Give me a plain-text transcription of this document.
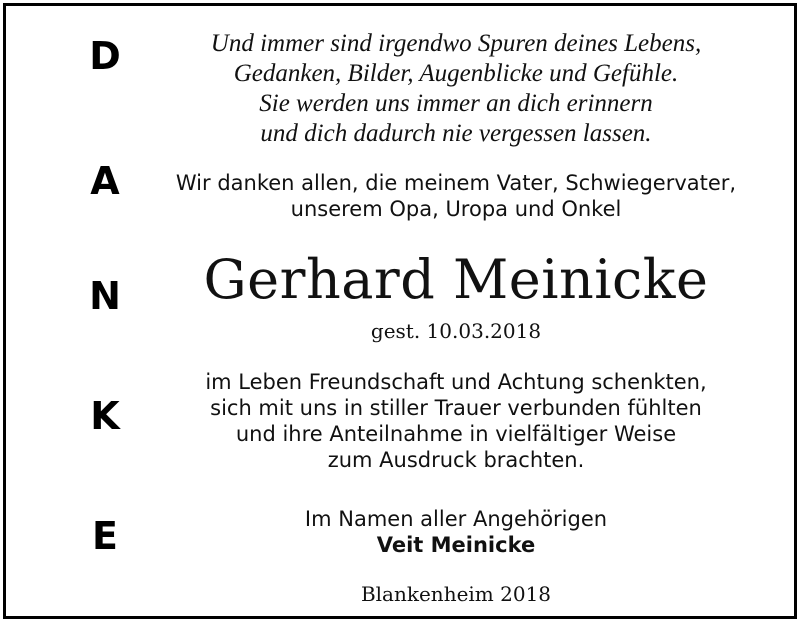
D
A
N
K
E
Und immer sind irgendwo Spuren deines Lebens,
Gedanken, Bilder, Augenblicke und Gefühle.
Sie werden uns immer an dich erinnern
und dich dadurch nie vergessen lassen.
Wir danken allen, die meinem Vater, Schwiegervater,
unserem Opa, Uropa und Onkel
Gerhard Meinicke
gest. 10.03.2018
im Leben Freundschaft und Achtung schenkten,
sich mit uns in stiller Trauer verbunden fühlten
und ihre Anteilnahme in vielfältiger Weise
zum Ausdruck brachten.
Im Namen aller Angehörigen
Veit Meinicke
Blankenheim 2018
